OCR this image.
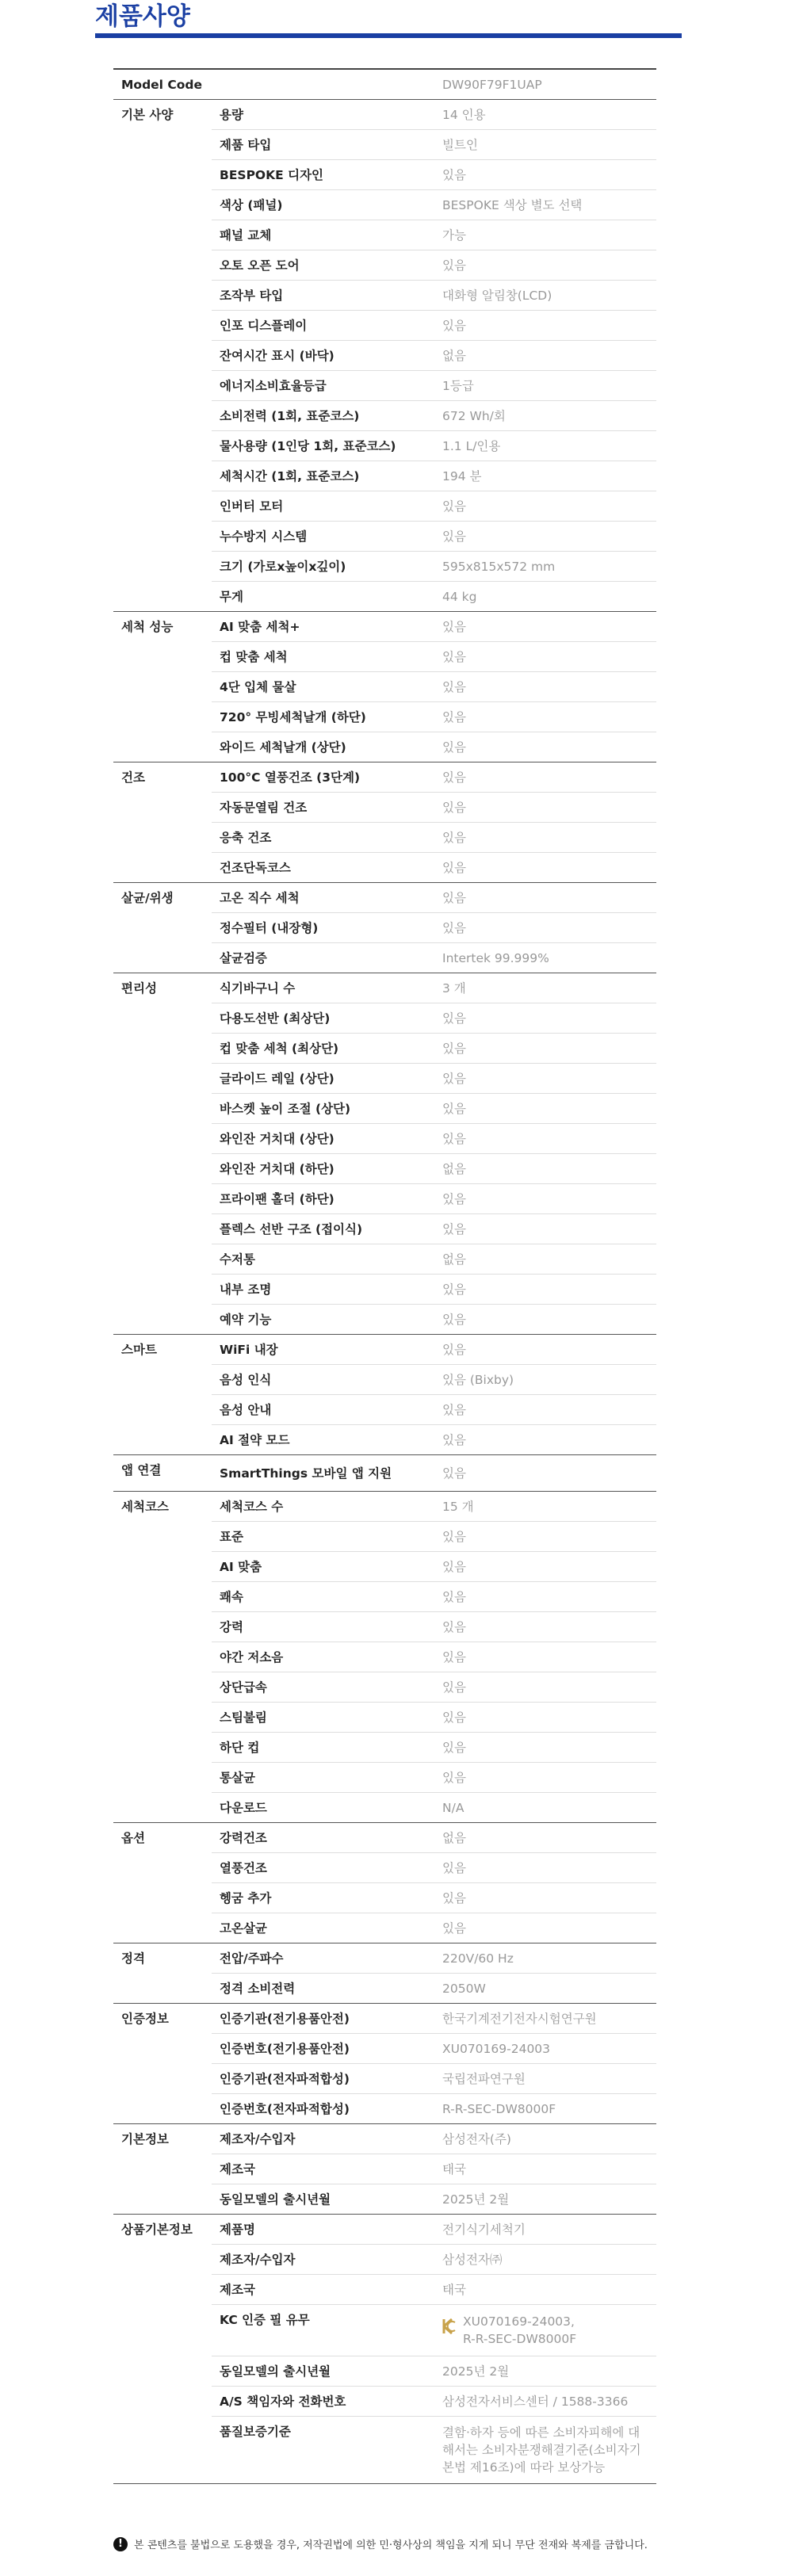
제품사양
Model Code		DW90F79F1UAP
기본 사양	용량	14 인용
	제품 타입	빌트인
	BESPOKE 디자인	있음
	색상 (패널)	BESPOKE 색상 별도 선택
	패널 교체	가능
	오토 오픈 도어	있음
	조작부 타입	대화형 알림창(LCD)
	인포 디스플레이	있음
	잔여시간 표시 (바닥)	없음
	에너지소비효율등급	1등급
	소비전력 (1회, 표준코스)	672 Wh/회
	물사용량 (1인당 1회, 표준코스)	1.1 L/인용
	세척시간 (1회, 표준코스)	194 분
	인버터 모터	있음
	누수방지 시스템	있음
	크기 (가로x높이x깊이)	595x815x572 mm
	무게	44 kg
세척 성능	AI 맞춤 세척+	있음
	컵 맞춤 세척	있음
	4단 입체 물살	있음
	720° 무빙세척날개 (하단)	있음
	와이드 세척날개 (상단)	있음
건조	100°C 열풍건조 (3단계)	있음
	자동문열림 건조	있음
	응축 건조	있음
	건조단독코스	있음
살균/위생	고온 직수 세척	있음
	정수필터 (내장형)	있음
	살균검증	Intertek 99.999%
편리성	식기바구니 수	3 개
	다용도선반 (최상단)	있음
	컵 맞춤 세척 (최상단)	있음
	글라이드 레일 (상단)	있음
	바스켓 높이 조절 (상단)	있음
	와인잔 거치대 (상단)	있음
	와인잔 거치대 (하단)	없음
	프라이팬 홀더 (하단)	있음
	플렉스 선반 구조 (접이식)	있음
	수저통	없음
	내부 조명	있음
	예약 기능	있음
스마트	WiFi 내장	있음
	음성 인식	있음 (Bixby)
	음성 안내	있음
	AI 절약 모드	있음
앱 연결	SmartThings 모바일 앱 지원	있음
세척코스	세척코스 수	15 개
	표준	있음
	AI 맞춤	있음
	쾌속	있음
	강력	있음
	야간 저소음	있음
	상단급속	있음
	스팀불림	있음
	하단 컵	있음
	통살균	있음
	다운로드	N/A
옵션	강력건조	없음
	열풍건조	있음
	헹굼 추가	있음
	고온살균	있음
정격	전압/주파수	220V/60 Hz
	정격 소비전력	2050W
인증정보	인증기관(전기용품안전)	한국기계전기전자시험연구원
	인증번호(전기용품안전)	XU070169-24003
	인증기관(전자파적합성)	국립전파연구원
	인증번호(전자파적합성)	R-R-SEC-DW8000F
기본정보	제조자/수입자	삼성전자(주)
	제조국	태국
	동일모델의 출시년월	2025년 2월
상품기본정보	제품명	전기식기세척기
	제조자/수입자	삼성전자㈜
	제조국	태국
	KC 인증 필 유무	XU070169-24003,
R-R-SEC-DW8000F

	동일모델의 출시년월	2025년 2월
	A/S 책임자와 전화번호	삼성전자서비스센터 / 1588-3366
	품질보증기준	결함·하자 등에 따른 소비자피해에 대
해서는 소비자분쟁해결기준(소비자기
본법 제16조)에 따라 보상가능
!	본 콘텐츠를 불법으로 도용했을 경우, 저작권법에 의한 민·형사상의 책임을 지게 되니 무단 전재와 복제를 금합니다.
